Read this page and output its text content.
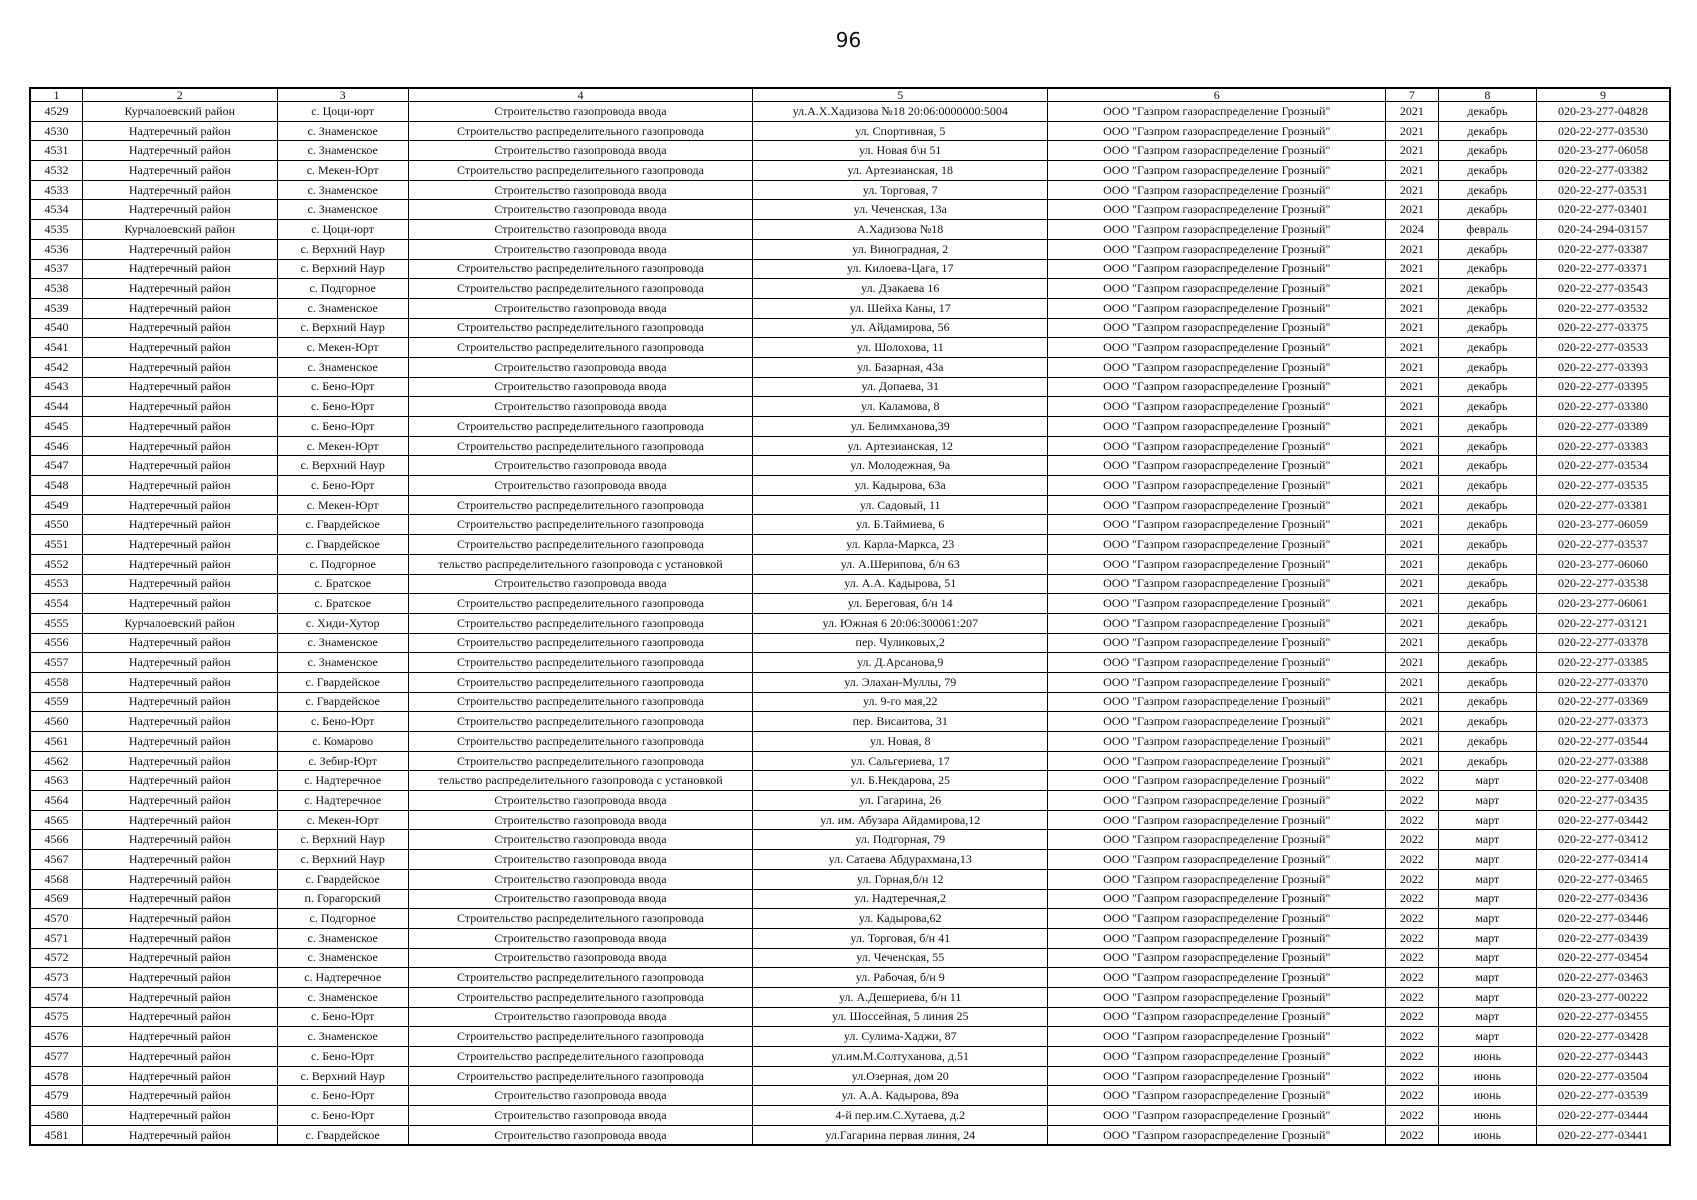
96
1	2	3	4	5	6	7	8	9
4529	Курчалоевский район	с. Цоци-юрт	Строительство газопровода ввода	ул.А.Х.Хадизова №18 20:06:0000000:5004	ООО "Газпром газораспределение Грозный"	2021	декабрь	020-23-277-04828
4530	Надтеречный район	с. Знаменское	Строительство распределительного газопровода	ул. Спортивная, 5	ООО "Газпром газораспределение Грозный"	2021	декабрь	020-22-277-03530
4531	Надтеречный район	с. Знаменское	Строительство газопровода ввода	ул. Новая б\н 51	ООО "Газпром газораспределение Грозный"	2021	декабрь	020-23-277-06058
4532	Надтеречный район	с. Мекен-Юрт	Строительство распределительного газопровода	ул. Артезианская, 18	ООО "Газпром газораспределение Грозный"	2021	декабрь	020-22-277-03382
4533	Надтеречный район	с. Знаменское	Строительство газопровода ввода	ул. Торговая, 7	ООО "Газпром газораспределение Грозный"	2021	декабрь	020-22-277-03531
4534	Надтеречный район	с. Знаменское	Строительство газопровода ввода	ул. Чеченская, 13а	ООО "Газпром газораспределение Грозный"	2021	декабрь	020-22-277-03401
4535	Курчалоевский район	с. Цоци-юрт	Строительство газопровода ввода	А.Хадизова №18	ООО "Газпром газораспределение Грозный"	2024	февраль	020-24-294-03157
4536	Надтеречный район	с. Верхний Наур	Строительство газопровода ввода	ул. Виноградная, 2	ООО "Газпром газораспределение Грозный"	2021	декабрь	020-22-277-03387
4537	Надтеречный район	с. Верхний Наур	Строительство распределительного газопровода	ул. Килоева-Цага, 17	ООО "Газпром газораспределение Грозный"	2021	декабрь	020-22-277-03371
4538	Надтеречный район	с. Подгорное	Строительство распределительного газопровода	ул. Дзакаева 16	ООО "Газпром газораспределение Грозный"	2021	декабрь	020-22-277-03543
4539	Надтеречный район	с. Знаменское	Строительство газопровода ввода	ул. Шейха Каны, 17	ООО "Газпром газораспределение Грозный"	2021	декабрь	020-22-277-03532
4540	Надтеречный район	с. Верхний Наур	Строительство распределительного газопровода	ул. Айдамирова, 56	ООО "Газпром газораспределение Грозный"	2021	декабрь	020-22-277-03375
4541	Надтеречный район	с. Мекен-Юрт	Строительство распределительного газопровода	ул. Шолохова, 11	ООО "Газпром газораспределение Грозный"	2021	декабрь	020-22-277-03533
4542	Надтеречный район	с. Знаменское	Строительство газопровода ввода	ул. Базарная, 43а	ООО "Газпром газораспределение Грозный"	2021	декабрь	020-22-277-03393
4543	Надтеречный район	с. Бено-Юрт	Строительство газопровода ввода	ул. Допаева, 31	ООО "Газпром газораспределение Грозный"	2021	декабрь	020-22-277-03395
4544	Надтеречный район	с. Бено-Юрт	Строительство газопровода ввода	ул. Каламова, 8	ООО "Газпром газораспределение Грозный"	2021	декабрь	020-22-277-03380
4545	Надтеречный район	с. Бено-Юрт	Строительство распределительного газопровода	ул. Белимханова,39	ООО "Газпром газораспределение Грозный"	2021	декабрь	020-22-277-03389
4546	Надтеречный район	с. Мекен-Юрт	Строительство распределительного газопровода	ул. Артезианская, 12	ООО "Газпром газораспределение Грозный"	2021	декабрь	020-22-277-03383
4547	Надтеречный район	с. Верхний Наур	Строительство газопровода ввода	ул. Молодежная, 9а	ООО "Газпром газораспределение Грозный"	2021	декабрь	020-22-277-03534
4548	Надтеречный район	с. Бено-Юрт	Строительство газопровода ввода	ул. Кадырова, 63а	ООО "Газпром газораспределение Грозный"	2021	декабрь	020-22-277-03535
4549	Надтеречный район	с. Мекен-Юрт	Строительство распределительного газопровода	ул. Садовый, 11	ООО "Газпром газораспределение Грозный"	2021	декабрь	020-22-277-03381
4550	Надтеречный район	с. Гвардейское	Строительство распределительного газопровода	ул. Б.Таймиева, 6	ООО "Газпром газораспределение Грозный"	2021	декабрь	020-23-277-06059
4551	Надтеречный район	с. Гвардейское	Строительство распределительного газопровода	ул. Карла-Маркса, 23	ООО "Газпром газораспределение Грозный"	2021	декабрь	020-22-277-03537
4552	Надтеречный район	с. Подгорное	тельство распределительного газопровода с установкой	ул. А.Шерипова, б/н 63	ООО "Газпром газораспределение Грозный"	2021	декабрь	020-23-277-06060
4553	Надтеречный район	с. Братское	Строительство газопровода ввода	ул. А.А. Кадырова, 51	ООО "Газпром газораспределение Грозный"	2021	декабрь	020-22-277-03538
4554	Надтеречный район	с. Братское	Строительство распределительного газопровода	ул. Береговая, б/н 14	ООО "Газпром газораспределение Грозный"	2021	декабрь	020-23-277-06061
4555	Курчалоевский район	с. Хиди-Хутор	Строительство распределительного газопровода	ул. Южная 6 20:06:300061:207	ООО "Газпром газораспределение Грозный"	2021	декабрь	020-22-277-03121
4556	Надтеречный район	с. Знаменское	Строительство распределительного газопровода	пер. Чуликовых,2	ООО "Газпром газораспределение Грозный"	2021	декабрь	020-22-277-03378
4557	Надтеречный район	с. Знаменское	Строительство распределительного газопровода	ул. Д.Арсанова,9	ООО "Газпром газораспределение Грозный"	2021	декабрь	020-22-277-03385
4558	Надтеречный район	с. Гвардейское	Строительство распределительного газопровода	ул. Элахан-Муллы, 79	ООО "Газпром газораспределение Грозный"	2021	декабрь	020-22-277-03370
4559	Надтеречный район	с. Гвардейское	Строительство распределительного газопровода	ул. 9-го мая,22	ООО "Газпром газораспределение Грозный"	2021	декабрь	020-22-277-03369
4560	Надтеречный район	с. Бено-Юрт	Строительство распределительного газопровода	пер. Висаитова, 31	ООО "Газпром газораспределение Грозный"	2021	декабрь	020-22-277-03373
4561	Надтеречный район	с. Комарово	Строительство распределительного газопровода	ул. Новая, 8	ООО "Газпром газораспределение Грозный"	2021	декабрь	020-22-277-03544
4562	Надтеречный район	с. Зебир-Юрт	Строительство распределительного газопровода	ул. Сальгериева, 17	ООО "Газпром газораспределение Грозный"	2021	декабрь	020-22-277-03388
4563	Надтеречный район	с. Надтеречное	тельство распределительного газопровода с установкой	ул. Б.Некдарова, 25	ООО "Газпром газораспределение Грозный"	2022	март	020-22-277-03408
4564	Надтеречный район	с. Надтеречное	Строительство газопровода ввода	ул. Гагарина, 26	ООО "Газпром газораспределение Грозный"	2022	март	020-22-277-03435
4565	Надтеречный район	с. Мекен-Юрт	Строительство газопровода ввода	ул. им. Абузара Айдамирова,12	ООО "Газпром газораспределение Грозный"	2022	март	020-22-277-03442
4566	Надтеречный район	с. Верхний Наур	Строительство газопровода ввода	ул. Подгорная, 79	ООО "Газпром газораспределение Грозный"	2022	март	020-22-277-03412
4567	Надтеречный район	с. Верхний Наур	Строительство газопровода ввода	ул. Сатаева Абдурахмана,13	ООО "Газпром газораспределение Грозный"	2022	март	020-22-277-03414
4568	Надтеречный район	с. Гвардейское	Строительство газопровода ввода	ул. Горная,б/н 12	ООО "Газпром газораспределение Грозный"	2022	март	020-22-277-03465
4569	Надтеречный район	п. Горагорский	Строительство газопровода ввода	ул. Надтеречная,2	ООО "Газпром газораспределение Грозный"	2022	март	020-22-277-03436
4570	Надтеречный район	с. Подгорное	Строительство распределительного газопровода	ул. Кадырова,62	ООО "Газпром газораспределение Грозный"	2022	март	020-22-277-03446
4571	Надтеречный район	с. Знаменское	Строительство газопровода ввода	ул. Торговая, б/н 41	ООО "Газпром газораспределение Грозный"	2022	март	020-22-277-03439
4572	Надтеречный район	с. Знаменское	Строительство газопровода ввода	ул. Чеченская, 55	ООО "Газпром газораспределение Грозный"	2022	март	020-22-277-03454
4573	Надтеречный район	с. Надтеречное	Строительство распределительного газопровода	ул. Рабочая, б/н 9	ООО "Газпром газораспределение Грозный"	2022	март	020-22-277-03463
4574	Надтеречный район	с. Знаменское	Строительство распределительного газопровода	ул. А.Дешериева, б/н 11	ООО "Газпром газораспределение Грозный"	2022	март	020-23-277-00222
4575	Надтеречный район	с. Бено-Юрт	Строительство газопровода ввода	ул. Шоссейная, 5 линия 25	ООО "Газпром газораспределение Грозный"	2022	март	020-22-277-03455
4576	Надтеречный район	с. Знаменское	Строительство распределительного газопровода	ул. Сулима-Хаджи, 87	ООО "Газпром газораспределение Грозный"	2022	март	020-22-277-03428
4577	Надтеречный район	с. Бено-Юрт	Строительство распределительного газопровода	ул.им.М.Солтуханова, д.51	ООО "Газпром газораспределение Грозный"	2022	июнь	020-22-277-03443
4578	Надтеречный район	с. Верхний Наур	Строительство распределительного газопровода	ул.Озерная, дом 20	ООО "Газпром газораспределение Грозный"	2022	июнь	020-22-277-03504
4579	Надтеречный район	с. Бено-Юрт	Строительство газопровода ввода	ул. А.А. Кадырова, 89а	ООО "Газпром газораспределение Грозный"	2022	июнь	020-22-277-03539
4580	Надтеречный район	с. Бено-Юрт	Строительство газопровода ввода	4-й пер.им.С.Хутаева, д.2	ООО "Газпром газораспределение Грозный"	2022	июнь	020-22-277-03444
4581	Надтеречный район	с. Гвардейское	Строительство газопровода ввода	ул.Гагарина первая линия, 24	ООО "Газпром газораспределение Грозный"	2022	июнь	020-22-277-03441
